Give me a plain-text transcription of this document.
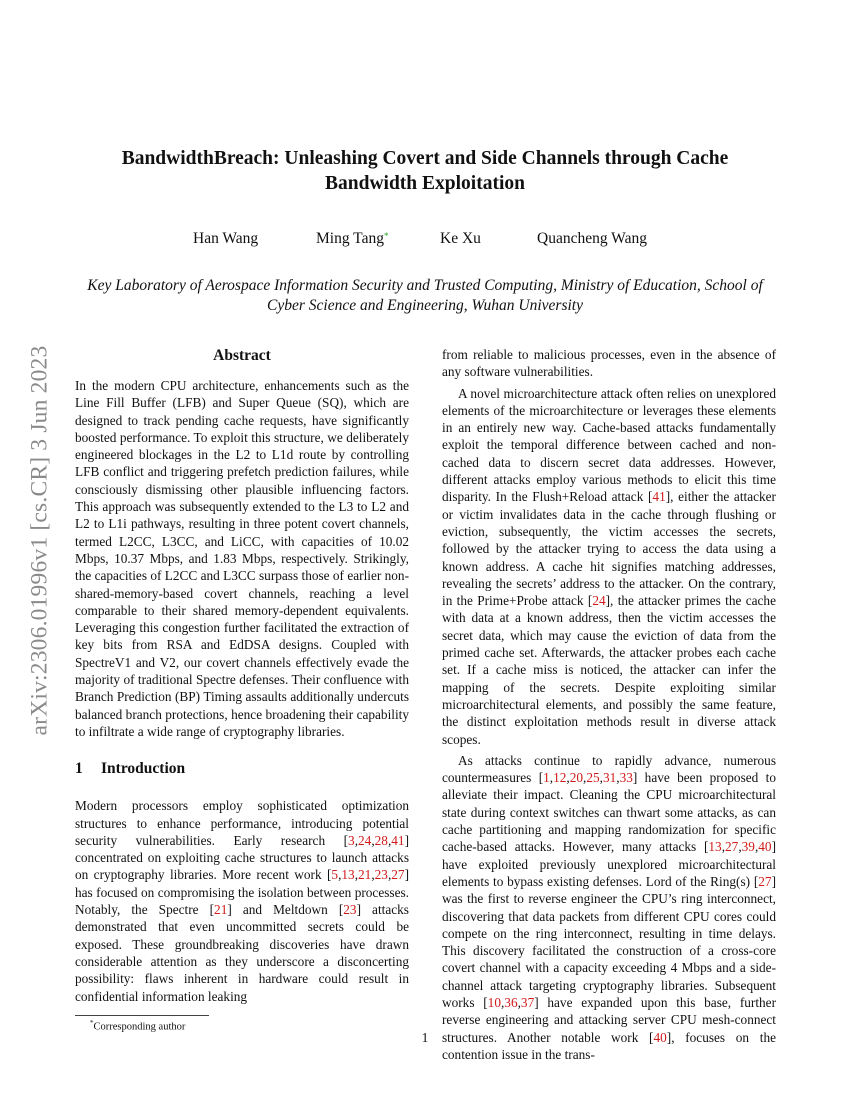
arXiv:2306.01996v1 [cs.CR] 3 Jun 2023
BandwidthBreach: Unleashing Covert and Side Channels through Cache Bandwidth Exploitation
Han Wang	Ming Tang*	Ke Xu	Quancheng Wang

Key Laboratory of Aerospace Information Security and Trusted Computing, Ministry of Education, School of Cyber Science and Engineering, Wuhan University

Abstract

In the modern CPU architecture, enhancements such as the Line Fill Buffer (LFB) and Super Queue (SQ), which are designed to track pending cache requests, have significantly boosted performance. To exploit this structure, we deliberately engineered blockages in the L2 to L1d route by controlling LFB conflict and triggering prefetch prediction failures, while consciously dismissing other plausible influencing factors. This approach was subsequently extended to the L3 to L2 and L2 to L1i pathways, resulting in three potent covert channels, termed L2CC, L3CC, and LiCC, with capacities of 10.02 Mbps, 10.37 Mbps, and 1.83 Mbps, respectively. Strikingly, the capacities of L2CC and L3CC surpass those of earlier non-shared-memory-based covert channels, reaching a level comparable to their shared memory-dependent equivalents. Leveraging this congestion further facilitated the extraction of key bits from RSA and EdDSA designs. Coupled with SpectreV1 and V2, our covert channels effectively evade the majority of traditional Spectre defenses. Their confluence with Branch Prediction (BP) Timing assaults additionally undercuts balanced branch protections, hence broadening their capability to infiltrate a wide range of cryptography libraries.

1 Introduction

Modern processors employ sophisticated optimization structures to enhance performance, introducing potential security vulnerabilities. Early research [3,24,28,41] concentrated on exploiting cache structures to launch attacks on cryptography libraries. More recent work [5,13,21,23,27] has focused on compromising the isolation between processes. Notably, the Spectre [21] and Meltdown [23] attacks demonstrated that even uncommitted secrets could be exposed. These groundbreaking discoveries have drawn considerable attention as they underscore a disconcerting possibility: flaws inherent in hardware could result in confidential information leaking

from reliable to malicious processes, even in the absence of any software vulnerabilities.

A novel microarchitecture attack often relies on unexplored elements of the microarchitecture or leverages these elements in an entirely new way. Cache-based attacks fundamentally exploit the temporal difference between cached and non-cached data to discern secret data addresses. However, different attacks employ various methods to elicit this time disparity. In the Flush+Reload attack [41], either the attacker or victim invalidates data in the cache through flushing or eviction, subsequently, the victim accesses the secrets, followed by the attacker trying to access the data using a known address. A cache hit signifies matching addresses, revealing the secrets’ address to the attacker. On the contrary, in the Prime+Probe attack [24], the attacker primes the cache with data at a known address, then the victim accesses the secret data, which may cause the eviction of data from the primed cache set. Afterwards, the attacker probes each cache set. If a cache miss is noticed, the attacker can infer the mapping of the secrets. Despite exploiting similar microarchitectural elements, and possibly the same feature, the distinct exploitation methods result in diverse attack scopes.

As attacks continue to rapidly advance, numerous countermeasures [1,12,20,25,31,33] have been proposed to alleviate their impact. Cleaning the CPU microarchitectural state during context switches can thwart some attacks, as can cache partitioning and mapping randomization for specific cache-based attacks. However, many attacks [13,27,39,40] have exploited previously unexplored microarchitectural elements to bypass existing defenses. Lord of the Ring(s) [27] was the first to reverse engineer the CPU’s ring interconnect, discovering that data packets from different CPU cores could compete on the ring interconnect, resulting in time delays. This discovery facilitated the construction of a cross-core covert channel with a capacity exceeding 4 Mbps and a side-channel attack targeting cryptography libraries. Subsequent works [10,36,37] have expanded upon this base, further reverse engineering and attacking server CPU mesh-connect structures. Another notable work [40], focuses on the contention issue in the trans-

*Corresponding author
1
